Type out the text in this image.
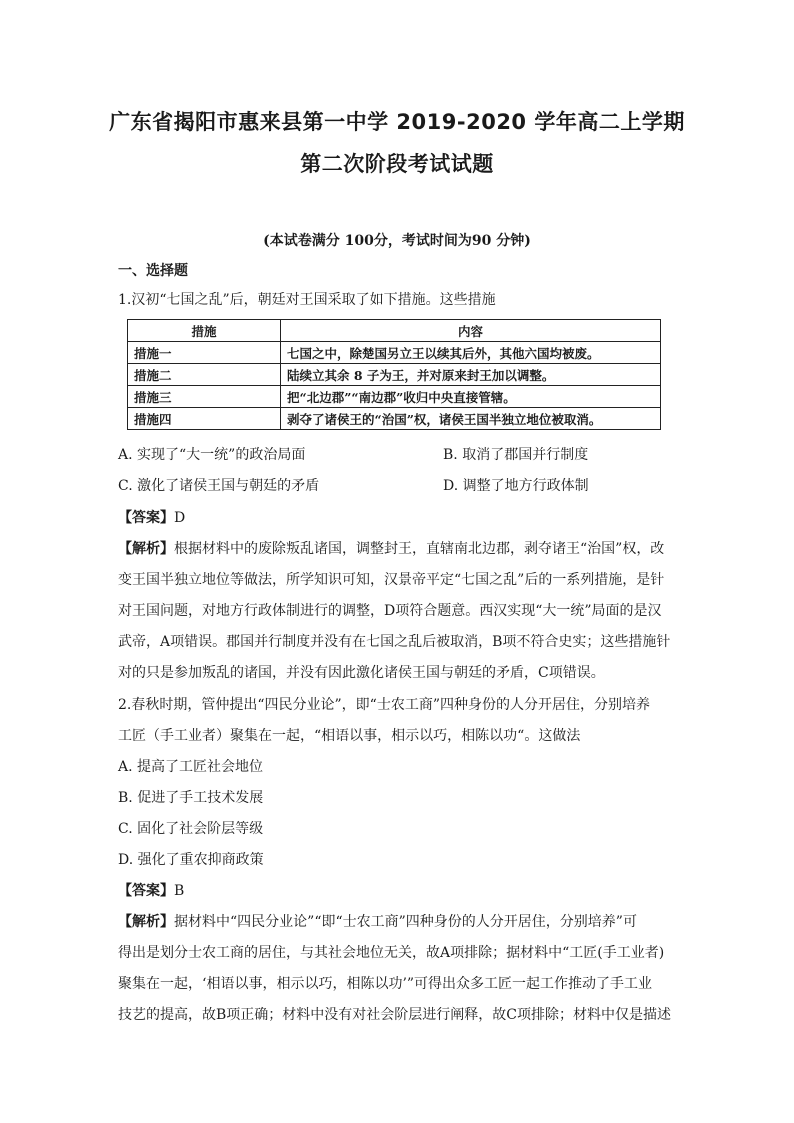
广东省揭阳市惠来县第一中学 2019-2020 学年高二上学期
第二次阶段考试试题
(本试卷满分 100分，考试时间为90 分钟)
一、选择题
1.汉初“七国之乱”后，朝廷对王国采取了如下措施。这些措施
措施	内容
措施一	七国之中，除楚国另立王以续其后外，其他六国均被废。
措施二	陆续立其余 8 子为王，并对原来封王加以调整。
措施三	把“北边郡”“南边郡”收归中央直接管辖。
措施四	剥夺了诸侯王的“治国”权，诸侯王国半独立地位被取消。
A. 实现了“大一统”的政治局面	B. 取消了郡国并行制度
C. 激化了诸侯王国与朝廷的矛盾	D. 调整了地方行政体制
【答案】D
【解析】根据材料中的废除叛乱诸国，调整封王，直辖南北边郡，剥夺诸王“治国”权，改
变王国半独立地位等做法，所学知识可知，汉景帝平定“七国之乱”后的一系列措施，是针
对王国问题，对地方行政体制进行的调整，D项符合题意。西汉实现“大一统”局面的是汉
武帝，A项错误。郡国并行制度并没有在七国之乱后被取消，B项不符合史实；这些措施针
对的只是参加叛乱的诸国，并没有因此激化诸侯王国与朝廷的矛盾，C项错误。
2.春秋时期，管仲提出“四民分业论”，即“士农工商”四种身份的人分开居住，分别培养
工匠（手工业者）聚集在一起，“相语以事，相示以巧，相陈以功“。这做法
A. 提高了工匠社会地位
B. 促进了手工技术发展
C. 固化了社会阶层等级
D. 强化了重农抑商政策
【答案】B
【解析】据材料中“四民分业论”“即“士农工商”四种身份的人分开居住，分别培养”可
得出是划分士农工商的居住，与其社会地位无关，故A项排除；据材料中“工匠(手工业者)
聚集在一起，‘相语以事，相示以巧，相陈以功’”可得出众多工匠一起工作推动了手工业
技艺的提高，故B项正确；材料中没有对社会阶层进行阐释，故C项排除；材料中仅是描述
